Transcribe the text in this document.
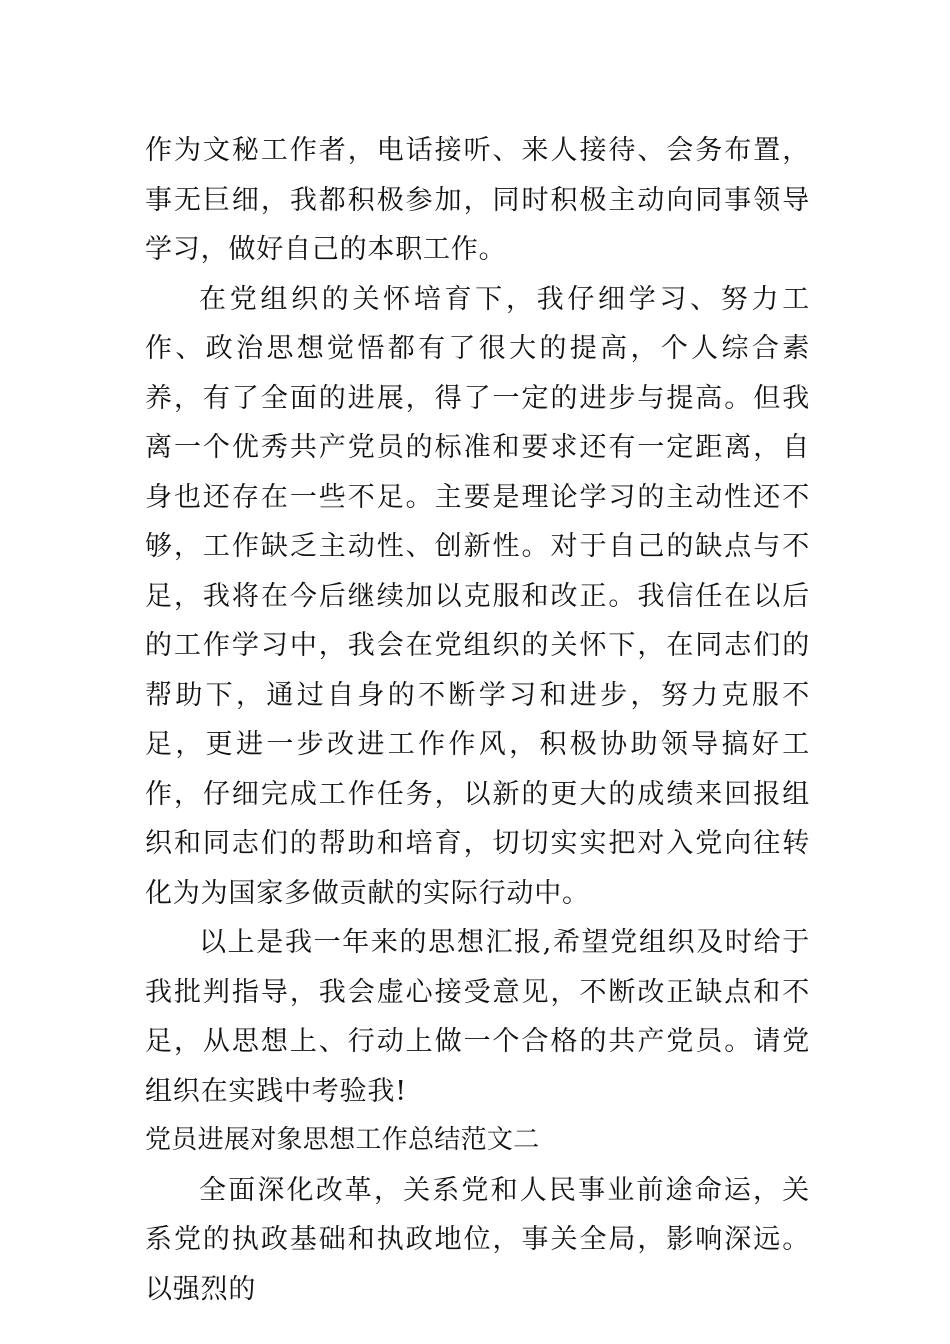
作为文秘工作者，电话接听、来人接待、会务布置，事无巨细，我都积极参加，同时积极主动向同事领导学习，做好自己的本职工作。

在党组织的关怀培育下，我仔细学习、努力工作、政治思想觉悟都有了很大的提高，个人综合素养，有了全面的进展，得了一定的进步与提高。但我离一个优秀共产党员的标准和要求还有一定距离，自身也还存在一些不足。主要是理论学习的主动性还不够，工作缺乏主动性、创新性。对于自己的缺点与不足，我将在今后继续加以克服和改正。我信任在以后的工作学习中，我会在党组织的关怀下，在同志们的帮助下，通过自身的不断学习和进步，努力克服不足，更进一步改进工作作风，积极协助领导搞好工作，仔细完成工作任务，以新的更大的成绩来回报组织和同志们的帮助和培育，切切实实把对入党向往转化为为国家多做贡献的实际行动中。

以上是我一年来的思想汇报,希望党组织及时给于我批判指导，我会虚心接受意见，不断改正缺点和不足，从思想上、行动上做一个合格的共产党员。请党组织在实践中考验我!

党员进展对象思想工作总结范文二

全面深化改革，关系党和人民事业前途命运，关系党的执政基础和执政地位，事关全局，影响深远。以强烈的
